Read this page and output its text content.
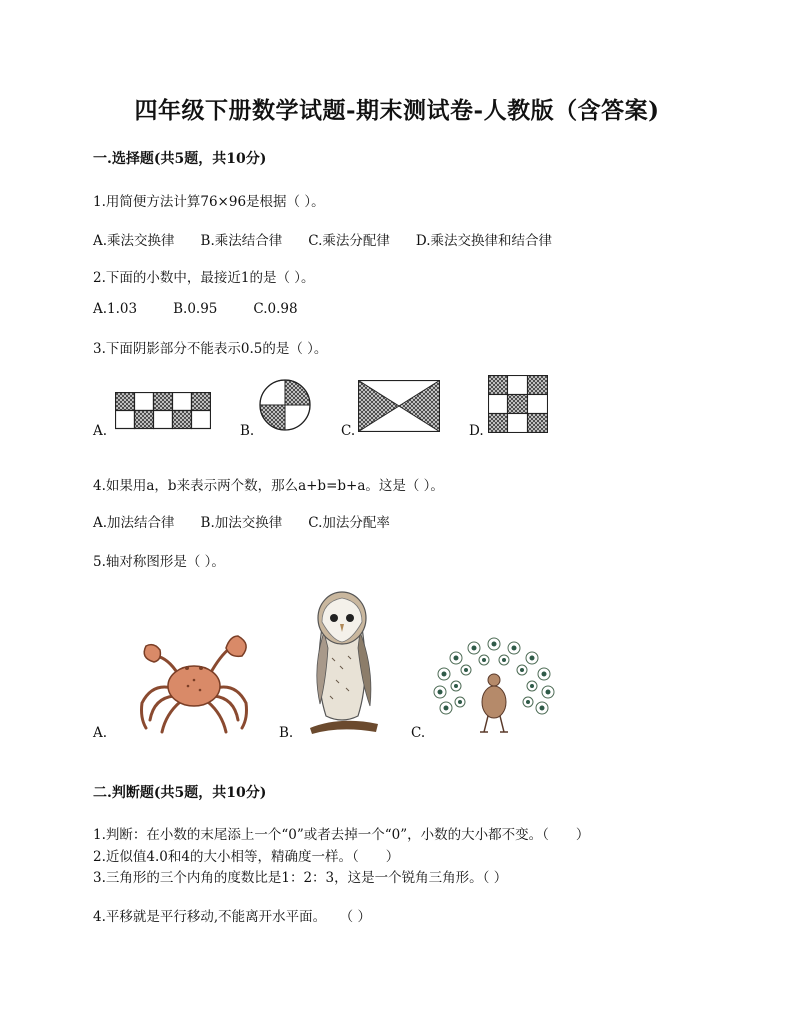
四年级下册数学试题-期末测试卷-人教版（含答案)
一.选择题(共5题，共10分)
1.用简便方法计算76×96是根据（ ）。
A.乘法交换律 B.乘法结合律 C.乘法分配律 D.乘法交换律和结合律
2.下面的小数中，最接近1的是（ ）。
A.1.03	B.0.95	C.0.98
3.下面阴影部分不能表示0.5的是（ ）。
A.	B.	C.	D.
4.如果用a，b来表示两个数，那么a+b=b+a。这是（ ）。
A.加法结合律 B.加法交换律 C.加法分配率
5.轴对称图形是（ ）。
A.	B.	C.
二.判断题(共5题，共10分)
1.判断：在小数的末尾添上一个“0”或者去掉一个“0”，小数的大小都不变。（　　）
2.近似值4.0和4的大小相等，精确度一样。（　　）
3.三角形的三个内角的度数比是1：2：3，这是一个锐角三角形。（ ）
4.平移就是平行移动,不能离开水平面。　　（ ）
